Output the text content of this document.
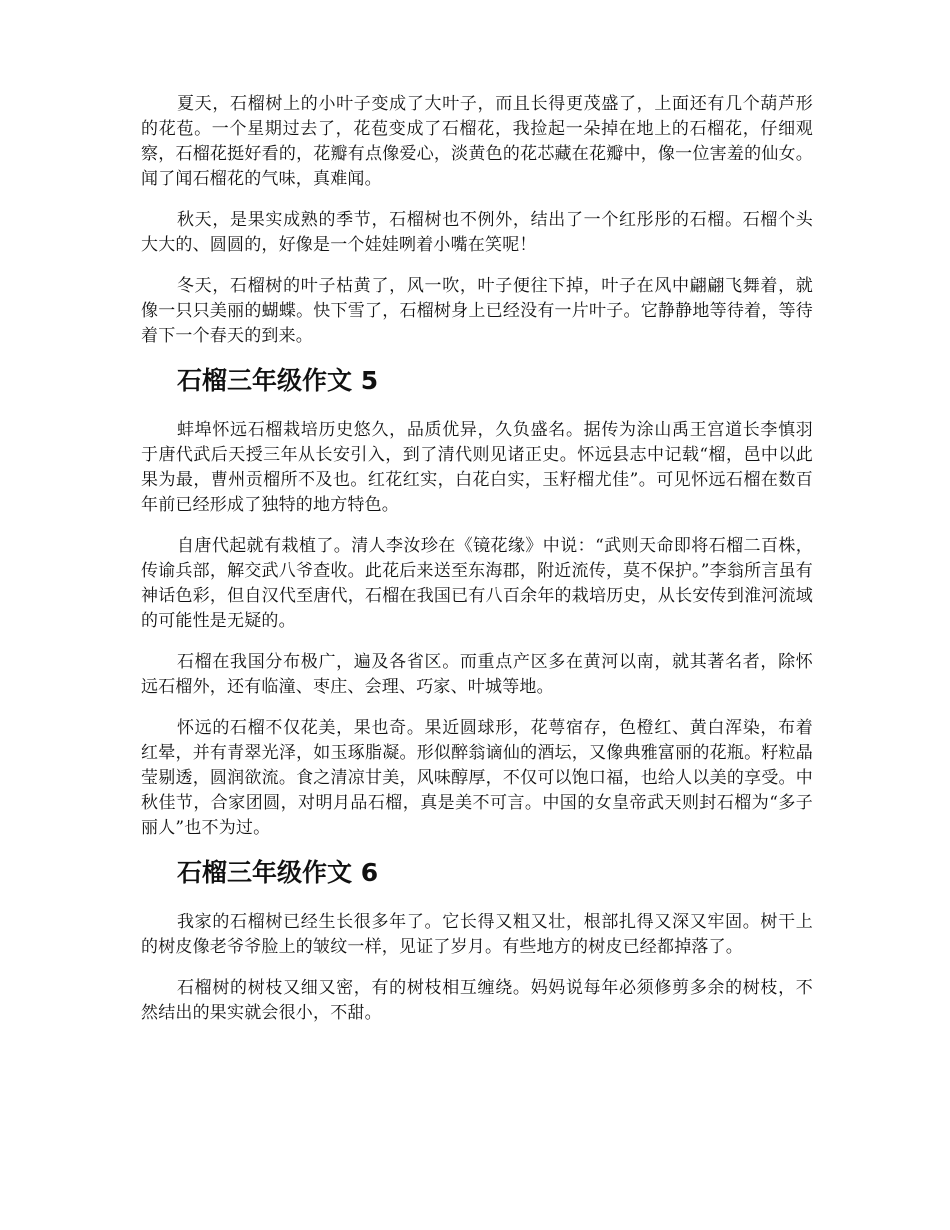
夏天，石榴树上的小叶子变成了大叶子，而且长得更茂盛了，上面还有几个葫芦形的花苞。一个星期过去了，花苞变成了石榴花，我捡起一朵掉在地上的石榴花，仔细观察，石榴花挺好看的，花瓣有点像爱心，淡黄色的花芯藏在花瓣中，像一位害羞的仙女。闻了闻石榴花的气味，真难闻。

秋天，是果实成熟的季节，石榴树也不例外，结出了一个红彤彤的石榴。石榴个头大大的、圆圆的，好像是一个娃娃咧着小嘴在笑呢！

冬天，石榴树的叶子枯黄了，风一吹，叶子便往下掉，叶子在风中翩翩飞舞着，就像一只只美丽的蝴蝶。快下雪了，石榴树身上已经没有一片叶子。它静静地等待着，等待着下一个春天的到来。

石榴三年级作文 5

蚌埠怀远石榴栽培历史悠久，品质优异，久负盛名。据传为涂山禹王宫道长李慎羽于唐代武后天授三年从长安引入，到了清代则见诸正史。怀远县志中记载“榴，邑中以此果为最，曹州贡榴所不及也。红花红实，白花白实，玉籽榴尤佳”。可见怀远石榴在数百年前已经形成了独特的地方特色。

自唐代起就有栽植了。清人李汝珍在《镜花缘》中说：“武则天命即将石榴二百株，传谕兵部，解交武八爷查收。此花后来送至东海郡，附近流传，莫不保护。”李翁所言虽有神话色彩，但自汉代至唐代，石榴在我国已有八百余年的栽培历史，从长安传到淮河流域的可能性是无疑的。

石榴在我国分布极广，遍及各省区。而重点产区多在黄河以南，就其著名者，除怀远石榴外，还有临潼、枣庄、会理、巧家、叶城等地。

怀远的石榴不仅花美，果也奇。果近圆球形，花萼宿存，色橙红、黄白浑染，布着红晕，并有青翠光泽，如玉琢脂凝。形似醉翁谪仙的酒坛，又像典雅富丽的花瓶。籽粒晶莹剔透，圆润欲流。食之清凉甘美，风味醇厚，不仅可以饱口福，也给人以美的享受。中秋佳节，合家团圆，对明月品石榴，真是美不可言。中国的女皇帝武天则封石榴为“多子丽人”也不为过。

石榴三年级作文 6

我家的石榴树已经生长很多年了。它长得又粗又壮，根部扎得又深又牢固。树干上的树皮像老爷爷脸上的皱纹一样，见证了岁月。有些地方的树皮已经都掉落了。

石榴树的树枝又细又密，有的树枝相互缠绕。妈妈说每年必须修剪多余的树枝，不然结出的果实就会很小，不甜。
